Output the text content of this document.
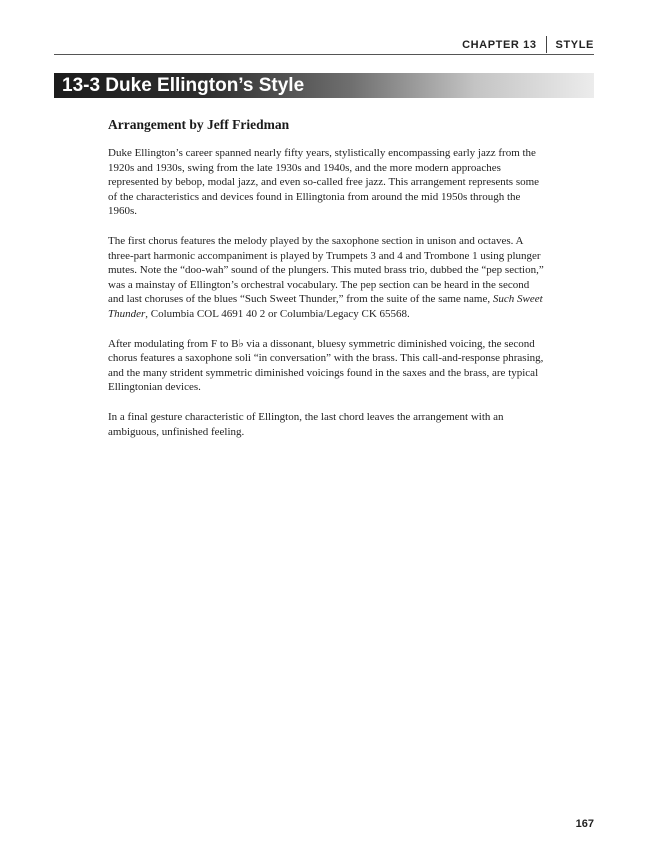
CHAPTER 13 STYLE
13-3 Duke Ellington’s Style
Arrangement by Jeff Friedman

Duke Ellington’s career spanned nearly fifty years, stylistically encompassing early jazz from the 1920s and 1930s, swing from the late 1930s and 1940s, and the more modern approaches represented by bebop, modal jazz, and even so-called free jazz. This arrangement represents some of the characteristics and devices found in Ellingtonia from around the mid 1950s through the 1960s.

The first chorus features the melody played by the saxophone section in unison and octaves. A three-part harmonic accompaniment is played by Trumpets 3 and 4 and Trombone 1 using plunger mutes. Note the “doo-wah” sound of the plungers. This muted brass trio, dubbed the “pep section,” was a mainstay of Ellington’s orchestral vocabulary. The pep section can be heard in the second and last choruses of the blues “Such Sweet Thunder,” from the suite of the same name, Such Sweet Thunder, Columbia COL 4691 40 2 or Columbia/Legacy CK 65568.

After modulating from F to B♭ via a dissonant, bluesy symmetric diminished voicing, the second chorus features a saxophone soli “in conversation” with the brass. This call-and-response phrasing, and the many strident symmetric diminished voicings found in the saxes and the brass, are typical Ellingtonian devices.

In a final gesture characteristic of Ellington, the last chord leaves the arrangement with an ambiguous, unfinished feeling.

167
